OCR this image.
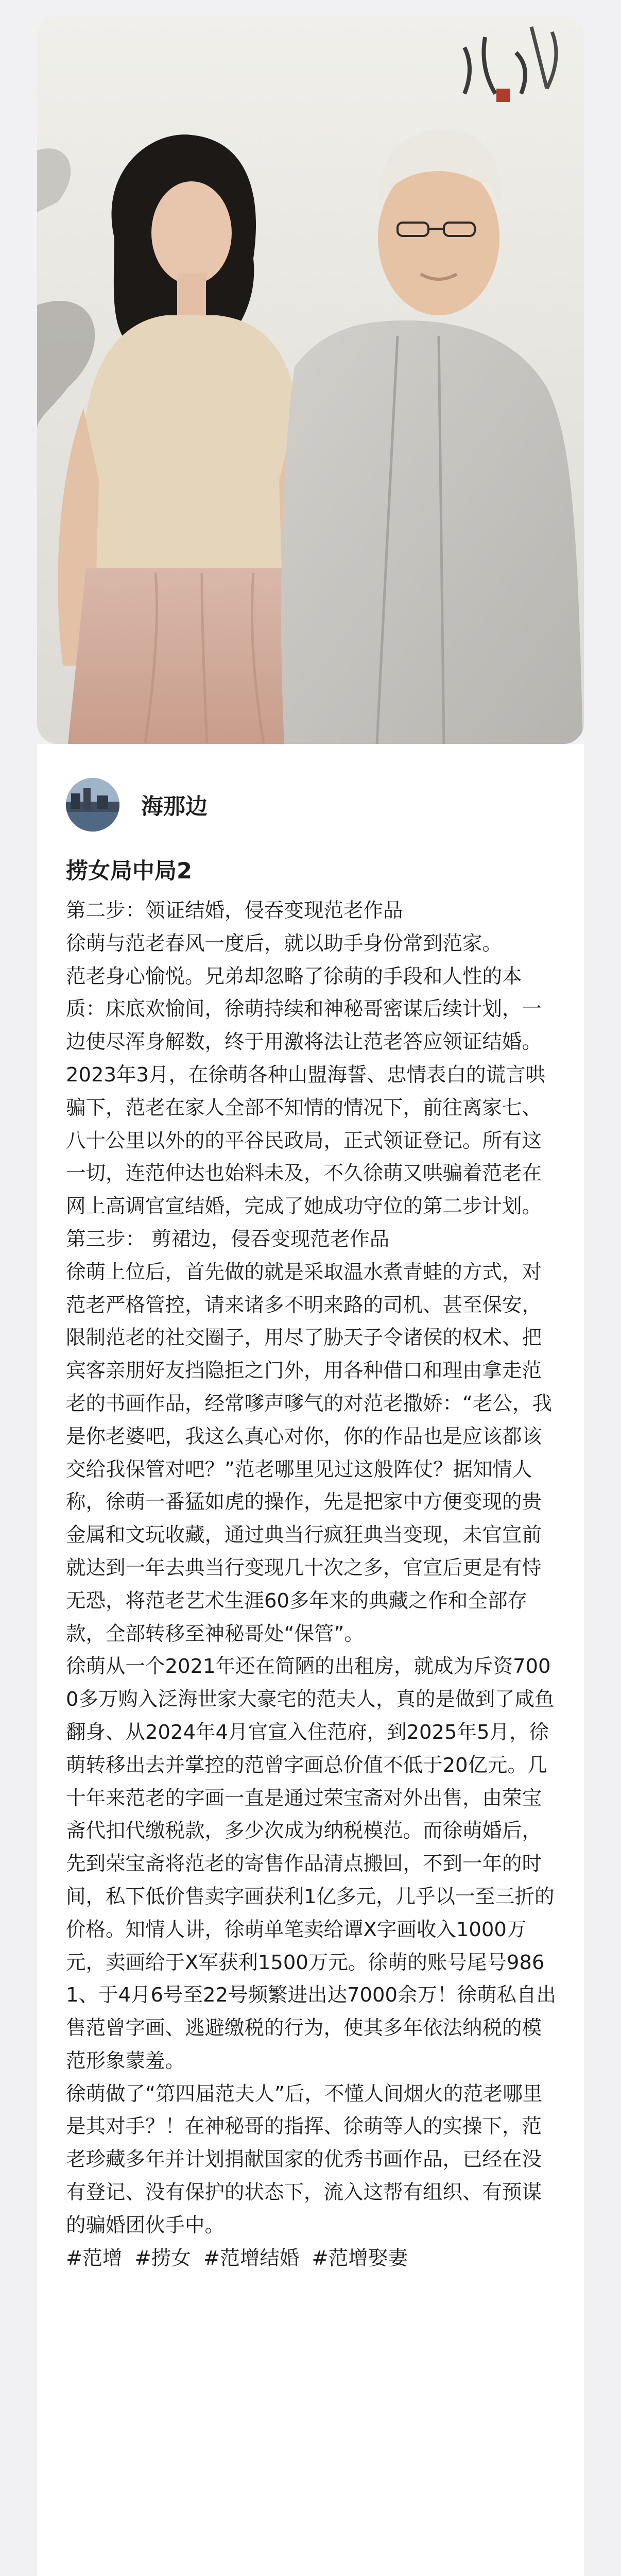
海那边
捞女局中局2

第二步：领证结婚，侵吞变现范老作品

徐萌与范老春风一度后，就以助手身份常到范家。

范老身心愉悦。兄弟却忽略了徐萌的手段和人性的本质：床底欢愉间，徐萌持续和神秘哥密谋后续计划，一边使尽浑身解数，终于用激将法让范老答应领证结婚。

2023年3月，在徐萌各种山盟海誓、忠情表白的谎言哄骗下，范老在家人全部不知情的情况下，前往离家七、八十公里以外的的平谷民政局，正式领证登记。所有这一切，连范仲达也始料未及，不久徐萌又哄骗着范老在网上高调官宣结婚，完成了她成功守位的第二步计划。

第三步： 剪裙边，侵吞变现范老作品

徐萌上位后，首先做的就是采取温水煮青蛙的方式，对范老严格管控，请来诸多不明来路的司机、甚至保安，限制范老的社交圈子，用尽了胁天子令诸侯的权术、把宾客亲朋好友挡隐拒之门外，用各种借口和理由拿走范老的书画作品，经常嗲声嗲气的对范老撒娇：“老公，我是你老婆吧，我这么真心对你，你的作品也是应该都该交给我保管对吧？”范老哪里见过这般阵仗？据知情人称，徐萌一番猛如虎的操作，先是把家中方便变现的贵金属和文玩收藏，通过典当行疯狂典当变现，未官宣前就达到一年去典当行变现几十次之多，官宣后更是有恃无恐，将范老艺术生涯60多年来的典藏之作和全部存款，全部转移至神秘哥处“保管”。

徐萌从一个2021年还在简陋的出租房，就成为斥资7000多万购入泛海世家大豪宅的范夫人，真的是做到了咸鱼翻身、从2024年4月官宣入住范府，到2025年5月，徐萌转移出去并掌控的范曾字画总价值不低于20亿元。几十年来范老的字画一直是通过荣宝斋对外出售，由荣宝斋代扣代缴税款，多少次成为纳税模范。而徐萌婚后，先到荣宝斋将范老的寄售作品清点搬回，不到一年的时间，私下低价售卖字画获利1亿多元，几乎以一至三折的价格。知情人讲，徐萌单笔卖给谭X字画收入1000万元，卖画给于X军获利1500万元。徐萌的账号尾号9861、于4月6号至22号频繁进出达7000余万！徐萌私自出售范曾字画、逃避缴税的行为，使其多年依法纳税的模范形象蒙羞。

徐萌做了“第四届范夫人”后，不懂人间烟火的范老哪里是其对手？！在神秘哥的指挥、徐萌等人的实操下，范老珍藏多年并计划捐献国家的优秀书画作品，已经在没有登记、没有保护的状态下，流入这帮有组织、有预谋的骗婚团伙手中。

#范增 #捞女 #范增结婚 #范增娶妻
